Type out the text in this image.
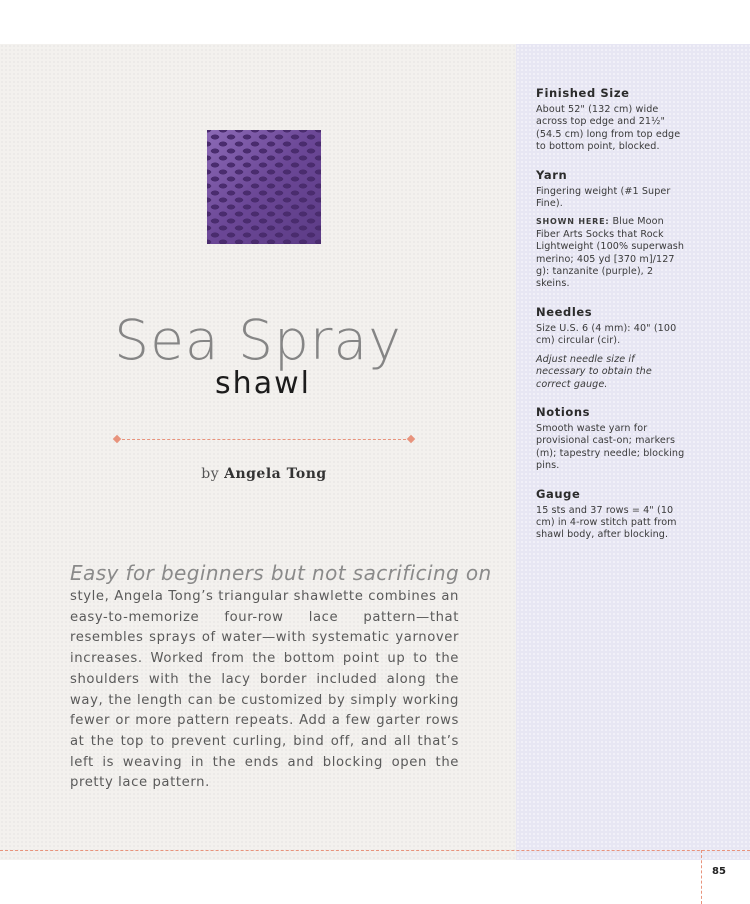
Finished Size

About 52" (132 cm) wide across top edge and 21½" (54.5 cm) long from top edge to bottom point, blocked.

Yarn

Fingering weight (#1 Super Fine).

SHOWN HERE: Blue Moon Fiber Arts Socks that Rock Lightweight (100% superwash merino; 405 yd [370 m]/127 g): tanzanite (purple), 2 skeins.

Needles

Size U.S. 6 (4 mm): 40" (100 cm) circular (cir).

Adjust needle size if necessary to obtain the correct gauge.

Notions

Smooth waste yarn for provisional cast-on; markers (m); tapestry needle; blocking pins.

Gauge

15 sts and 37 rows = 4" (10 cm) in 4-row stitch patt from shawl body, after blocking.

Sea Spray
shawl
by Angela Tong
Easy for beginners but not sacrificing on
style, Angela Tong’s triangular shawlette combines an easy-to-memorize four-row lace pattern—that resembles sprays of water—with systematic yarnover increases. Worked from the bottom point up to the shoulders with the lacy border included along the way, the length can be customized by simply working fewer or more pattern repeats. Add a few garter rows at the top to prevent curling, bind off, and all that’s left is weaving in the ends and blocking open the pretty lace pattern.
85
